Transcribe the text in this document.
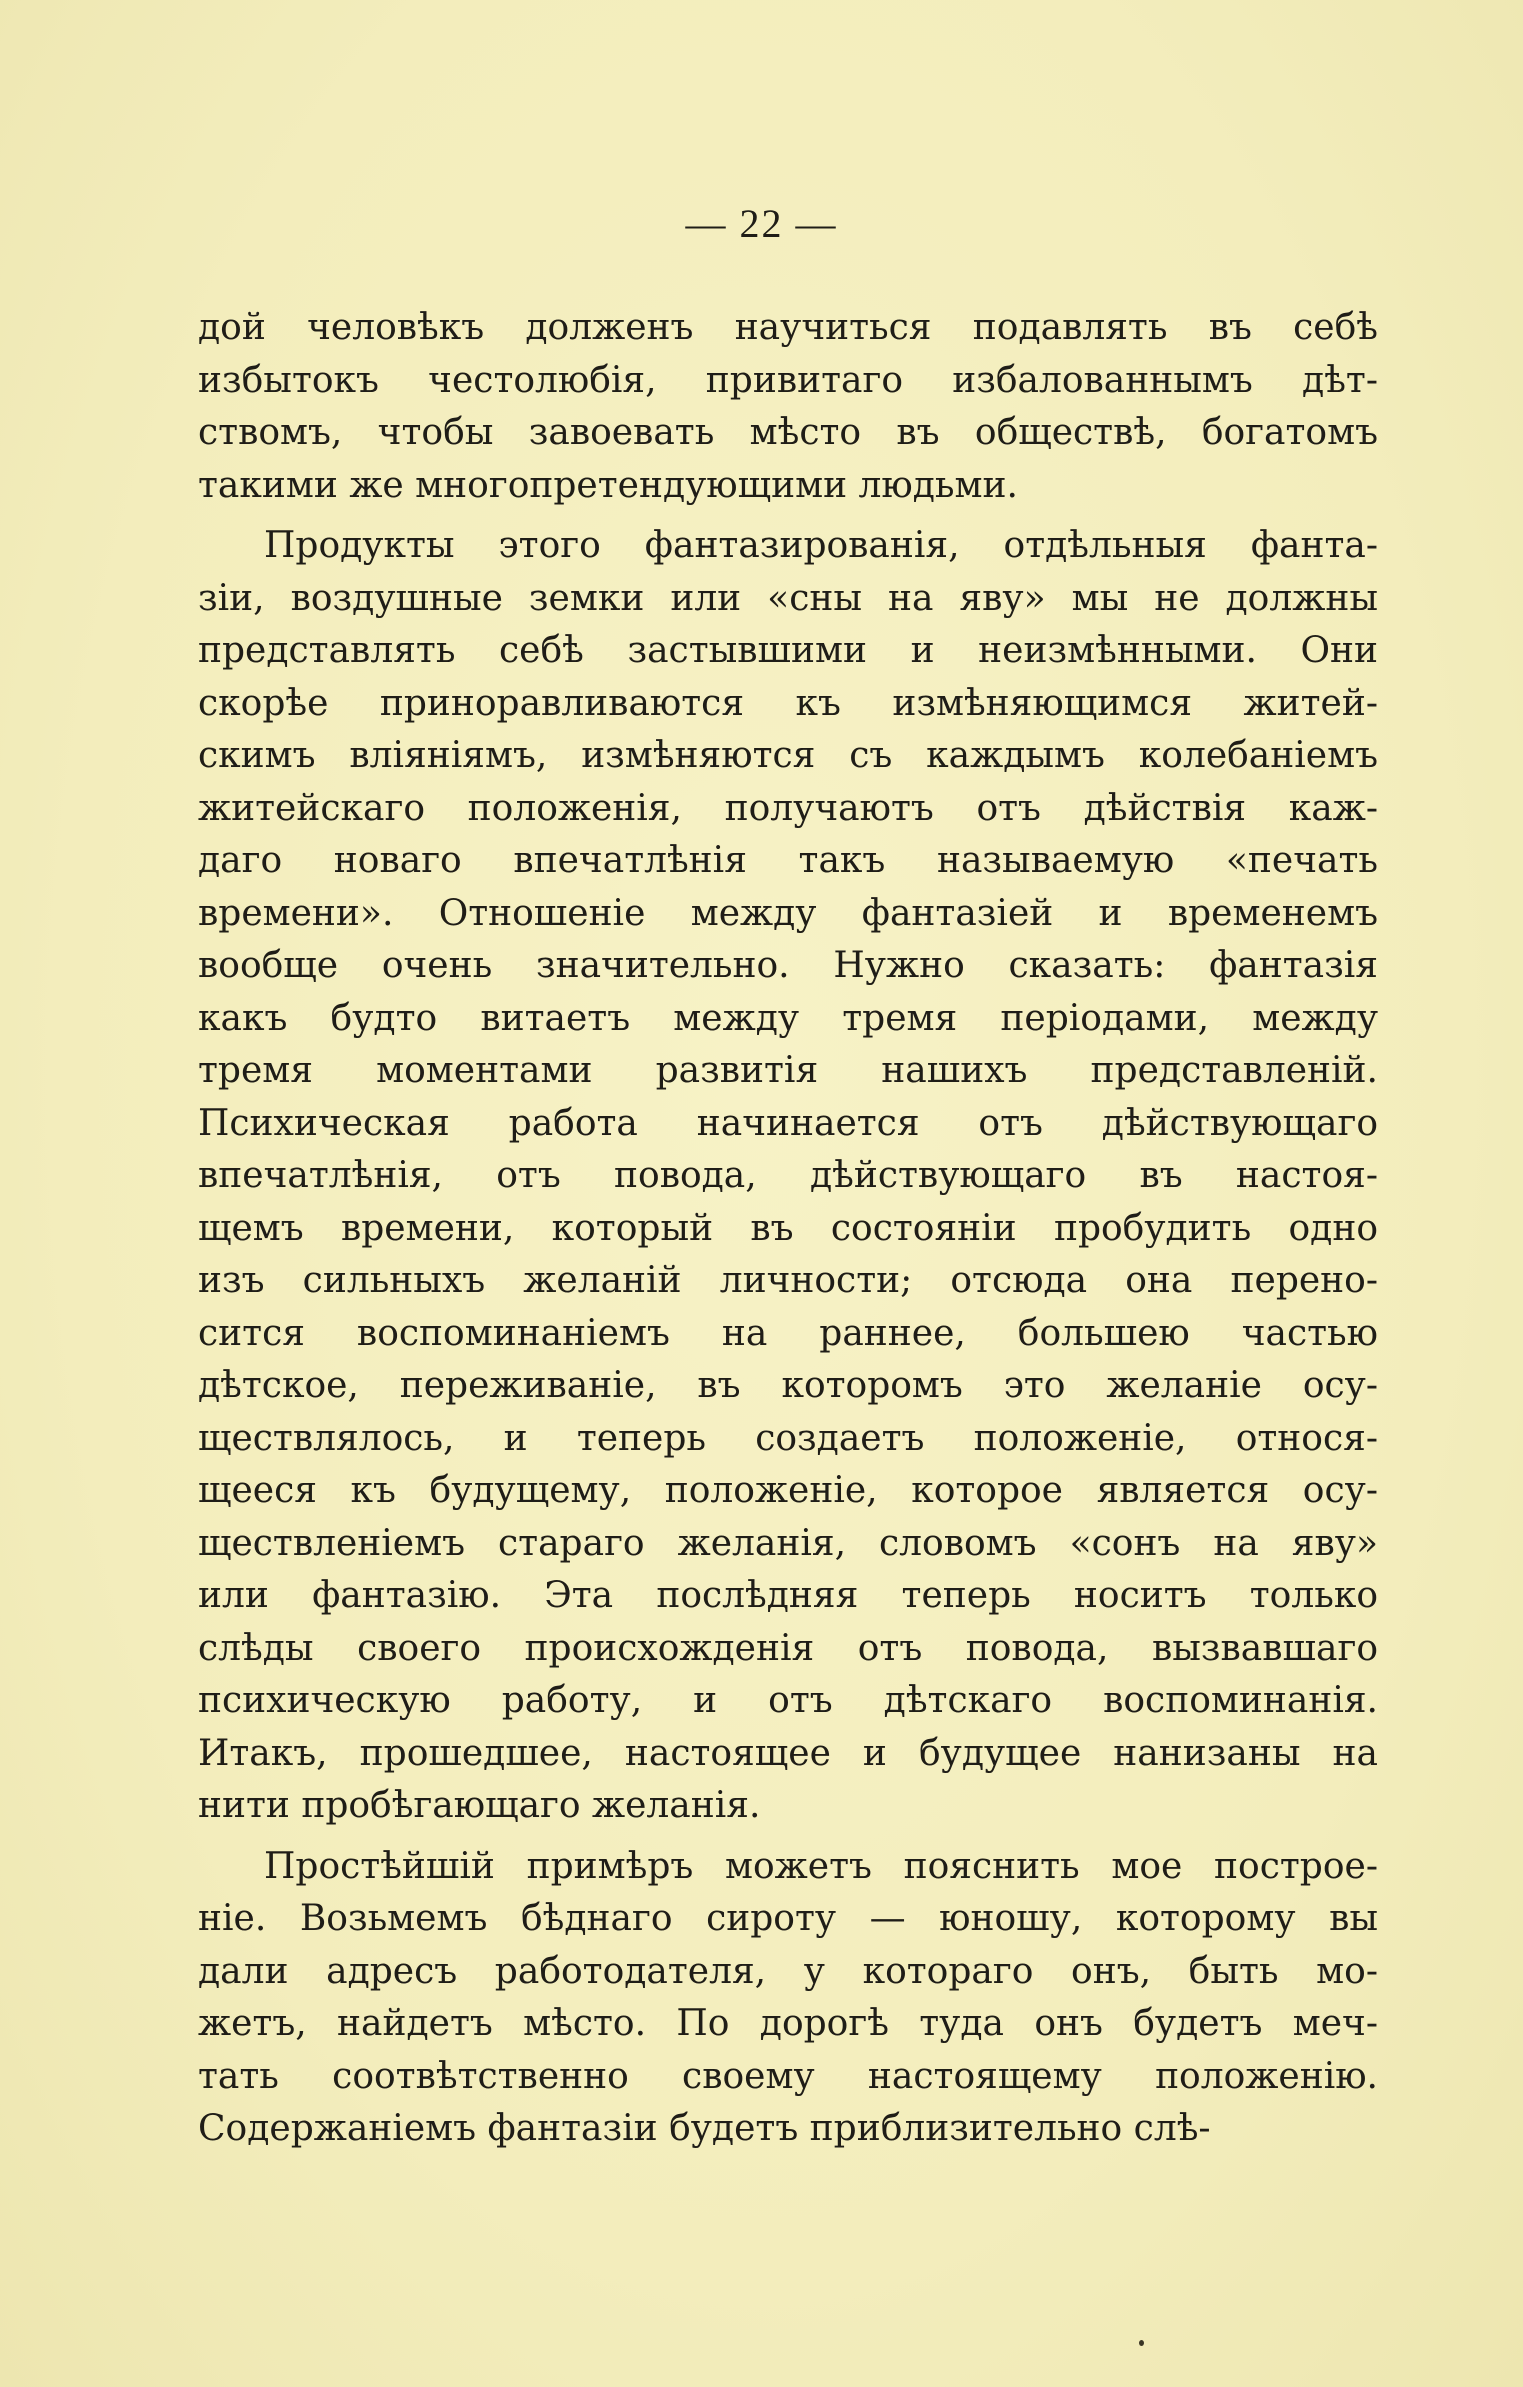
— 22 —
дой человѣкъ долженъ научиться подавлять въ себѣ
избытокъ честолюбія, привитаго избалованнымъ дѣт-
ствомъ, чтобы завоевать мѣсто въ обществѣ, богатомъ
такими же многопретендующими людьми.
Продукты этого фантазированія, отдѣльныя фанта-
зіи, воздушные земки или «сны на яву» мы не должны
представлять себѣ застывшими и неизмѣнными. Они
скорѣе приноравливаются къ измѣняющимся житей-
скимъ вліяніямъ, измѣняются съ каждымъ колебаніемъ
житейскаго положенія, получаютъ отъ дѣйствія каж-
даго новаго впечатлѣнія такъ называемую «печать
времени». Отношеніе между фантазіей и временемъ
вообще очень значительно. Нужно сказать: фантазія
какъ будто витаетъ между тремя періодами, между
тремя моментами развитія нашихъ представленій.
Психическая работа начинается отъ дѣйствующаго
впечатлѣнія, отъ повода, дѣйствующаго въ настоя-
щемъ времени, который въ состояніи пробудить одно
изъ сильныхъ желаній личности; отсюда она перено-
сится воспоминаніемъ на раннее, большею частью
дѣтское, переживаніе, въ которомъ это желаніе осу-
ществлялось, и теперь создаетъ положеніе, относя-
щееся къ будущему, положеніе, которое является осу-
ществленіемъ стараго желанія, словомъ «сонъ на яву»
или фантазію. Эта послѣдняя теперь носитъ только
слѣды своего происхожденія отъ повода, вызвавшаго
психическую работу, и отъ дѣтскаго воспоминанія.
Итакъ, прошедшее, настоящее и будущее нанизаны на
нити пробѣгающаго желанія.
Простѣйшій примѣръ можетъ пояснить мое построе-
ніе. Возьмемъ бѣднаго сироту — юношу, которому вы
дали адресъ работодателя, у котораго онъ, быть мо-
жетъ, найдетъ мѣсто. По дорогѣ туда онъ будетъ меч-
тать соотвѣтственно своему настоящему положенію.
Содержаніемъ фантазіи будетъ приблизительно слѣ-
